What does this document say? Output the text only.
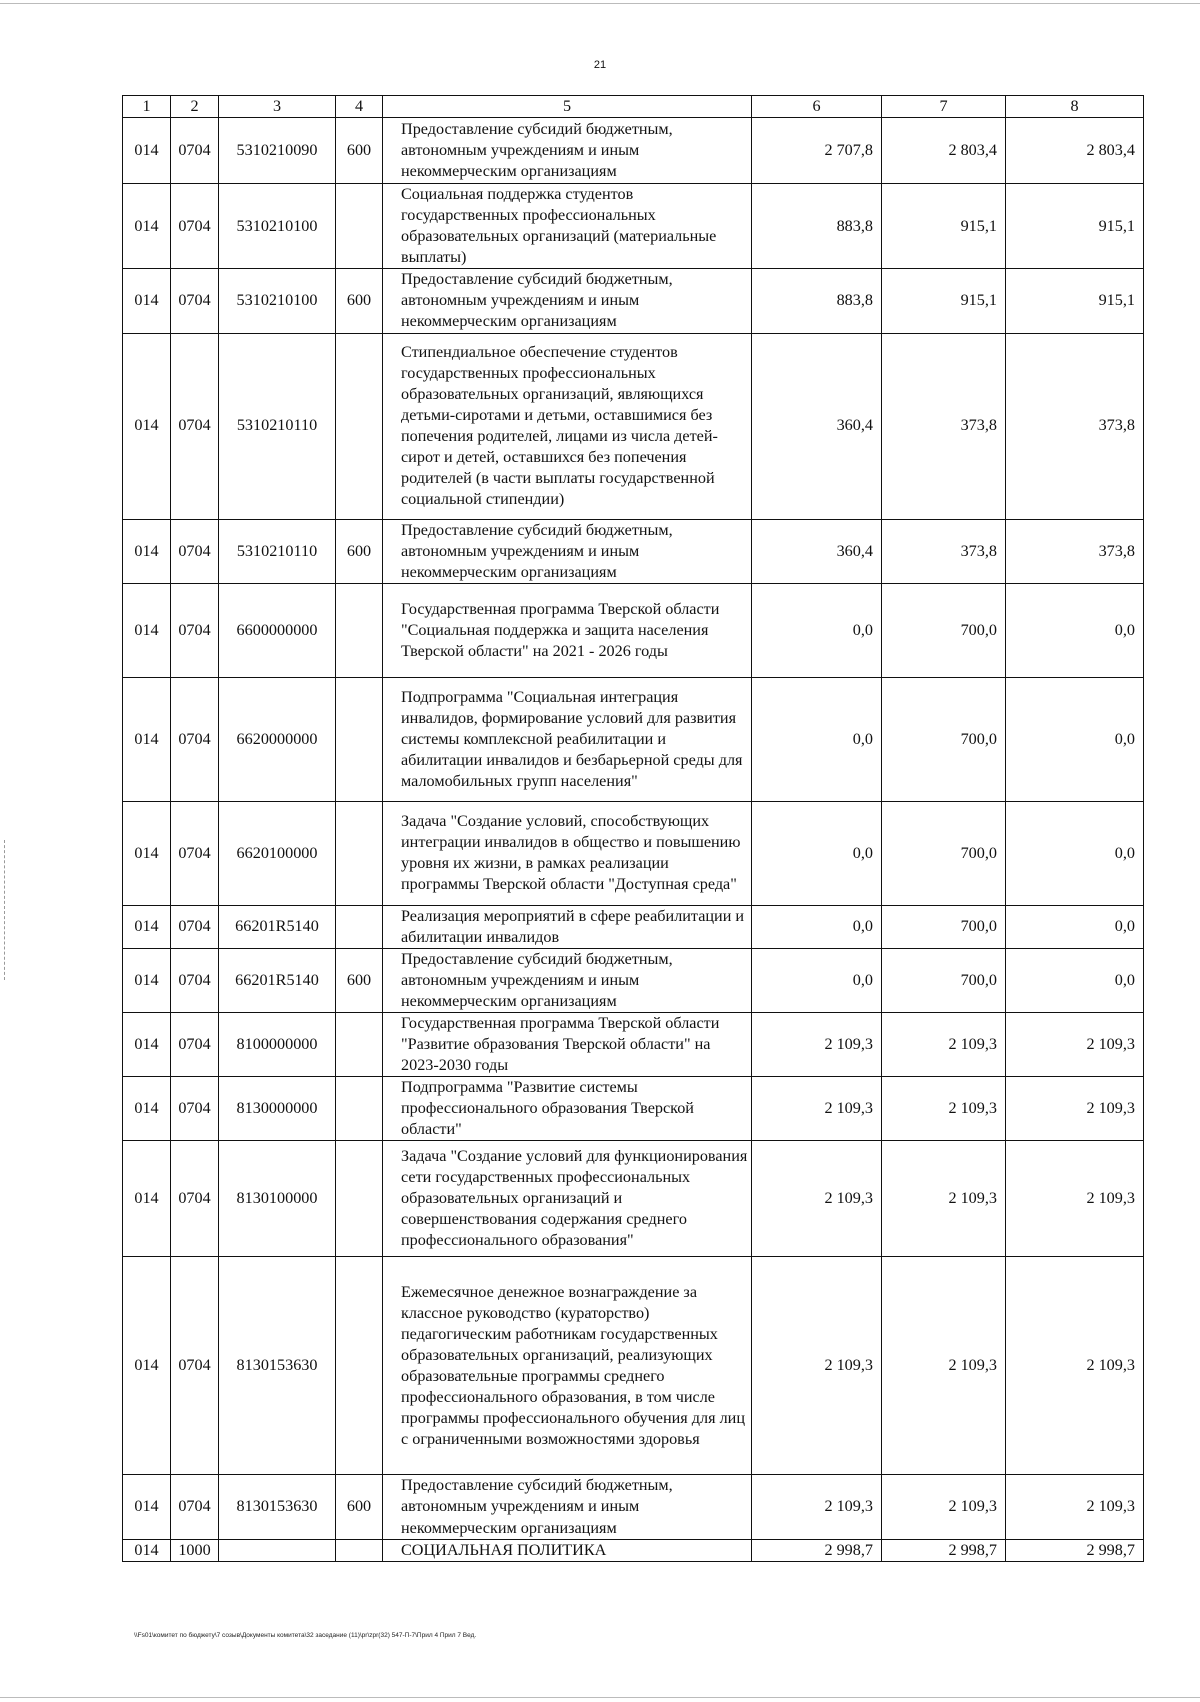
21
1	2	3	4	5	6	7	8
014	0704	5310210090	600	Предоставление субсидий бюджетным, автономным учреждениям и иным некоммерческим организациям	2 707,8	2 803,4	2 803,4
014	0704	5310210100		Социальная поддержка студентов государственных профессиональных образовательных организаций (материальные выплаты)	883,8	915,1	915,1
014	0704	5310210100	600	Предоставление субсидий бюджетным, автономным учреждениям и иным некоммерческим организациям	883,8	915,1	915,1
014	0704	5310210110		Стипендиальное обеспечение студентов государственных профессиональных образовательных организаций, являющихся детьми-сиротами и детьми, оставшимися без попечения родителей, лицами из числа детей-сирот и детей, оставшихся без попечения родителей (в части выплаты государственной социальной стипендии)	360,4	373,8	373,8
014	0704	5310210110	600	Предоставление субсидий бюджетным, автономным учреждениям и иным некоммерческим организациям	360,4	373,8	373,8
014	0704	6600000000		Государственная программа Тверской области "Социальная поддержка и защита населения Тверской области" на 2021 - 2026 годы	0,0	700,0	0,0
014	0704	6620000000		Подпрограмма "Социальная интеграция инвалидов, формирование условий для развития системы комплексной реабилитации и абилитации инвалидов и безбарьерной среды для маломобильных групп населения"	0,0	700,0	0,0
014	0704	6620100000		Задача "Создание условий, способствующих интеграции инвалидов в общество и повышению уровня их жизни, в рамках реализации программы Тверской области "Доступная среда"	0,0	700,0	0,0
014	0704	66201R5140		Реализация мероприятий в сфере реабилитации и абилитации инвалидов	0,0	700,0	0,0
014	0704	66201R5140	600	Предоставление субсидий бюджетным, автономным учреждениям и иным некоммерческим организациям	0,0	700,0	0,0
014	0704	8100000000		Государственная программа Тверской области "Развитие образования Тверской области" на 2023-2030 годы	2 109,3	2 109,3	2 109,3
014	0704	8130000000		Подпрограмма "Развитие системы профессионального образования Тверской области"	2 109,3	2 109,3	2 109,3
014	0704	8130100000		Задача "Создание условий для функционирования сети государственных профессиональных образовательных организаций и совершенствования содержания среднего профессионального образования"	2 109,3	2 109,3	2 109,3
014	0704	8130153630		Ежемесячное денежное вознаграждение за классное руководство (кураторство) педагогическим работникам государственных образовательных организаций, реализующих образовательные программы среднего профессионального образования, в том числе программы профессионального обучения для лиц с ограниченными возможностями здоровья	2 109,3	2 109,3	2 109,3
014	0704	8130153630	600	Предоставление субсидий бюджетным, автономным учреждениям и иным некоммерческим организациям	2 109,3	2 109,3	2 109,3
014	1000			СОЦИАЛЬНАЯ ПОЛИТИКА	2 998,7	2 998,7	2 998,7
\\Fs01\комитет по бюджету\7 созыв\Документы комитета\32 заседание (11)\pr\zpr(32) 547-П-7\Прил 4 Прил 7 Вед.
